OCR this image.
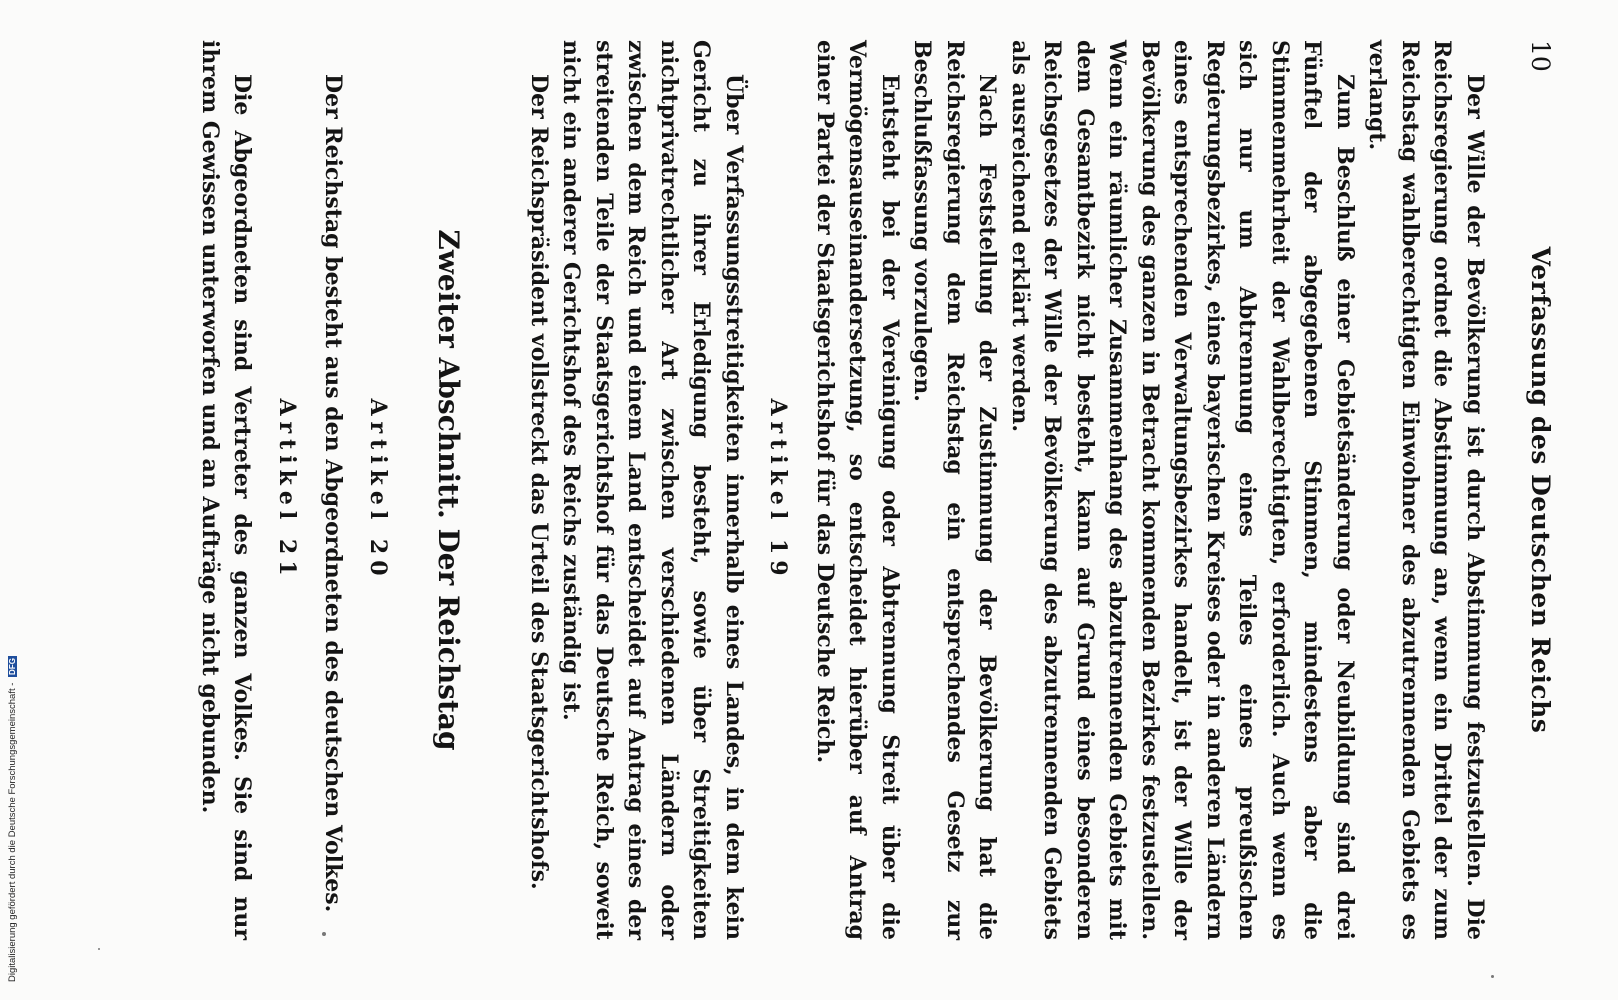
10
Verfassung des Deutschen Reichs

Der Wille der Bevölkerung ist durch Abstimmung festzustellen. Die Reichsregierung ordnet die Abstimmung an, wenn ein Drittel der zum Reichstag wahlberechtigten Einwohner des abzutrennenden Gebiets es verlangt.

Zum Beschluß einer Gebietsänderung oder Neubildung sind drei Fünftel der abgegebenen Stimmen, mindestens aber die Stimmenmehrheit der Wahlberechtigten, erforderlich. Auch wenn es sich nur um Abtrennung eines Teiles eines preußischen Regierungsbezirkes, eines bayerischen Kreises oder in anderen Ländern eines entsprechenden Verwaltungsbezirkes handelt, ist der Wille der Bevölkerung des ganzen in Betracht kommenden Bezirkes festzustellen. Wenn ein räumlicher Zusammenhang des abzutrennenden Gebiets mit dem Gesamtbezirk nicht besteht, kann auf Grund eines besonderen Reichsgesetzes der Wille der Bevölkerung des abzutrennenden Gebiets als ausreichend erklärt werden.

Nach Feststellung der Zustimmung der Bevölkerung hat die Reichsregierung dem Reichstag ein entsprechendes Gesetz zur Beschlußfassung vorzulegen.

Entsteht bei der Vereinigung oder Abtrennung Streit über die Vermögensauseinandersetzung, so entscheidet hierüber auf Antrag einer Partei der Staatsgerichtshof für das Deutsche Reich.

Artikel 19

Über Verfassungsstreitigkeiten innerhalb eines Landes, in dem kein Gericht zu ihrer Erledigung besteht, sowie über Streitigkeiten nichtprivatrechtlicher Art zwischen verschiedenen Ländern oder zwischen dem Reich und einem Land entscheidet auf Antrag eines der streitenden Teile der Staatsgerichtshof für das Deutsche Reich, soweit nicht ein anderer Gerichtshof des Reichs zuständig ist.

Der Reichspräsident vollstreckt das Urteil des Staatsgerichtshofs.

Zweiter Abschnitt. Der Reichstag
Artikel 20

Der Reichstag besteht aus den Abgeordneten des deutschen Volkes.

Artikel 21

Die Abgeordneten sind Vertreter des ganzen Volkes. Sie sind nur ihrem Gewissen unterworfen und an Aufträge nicht gebunden.

Digitalisierung gefördert durch die Deutsche Forschungsgemeinschaft - DFG
